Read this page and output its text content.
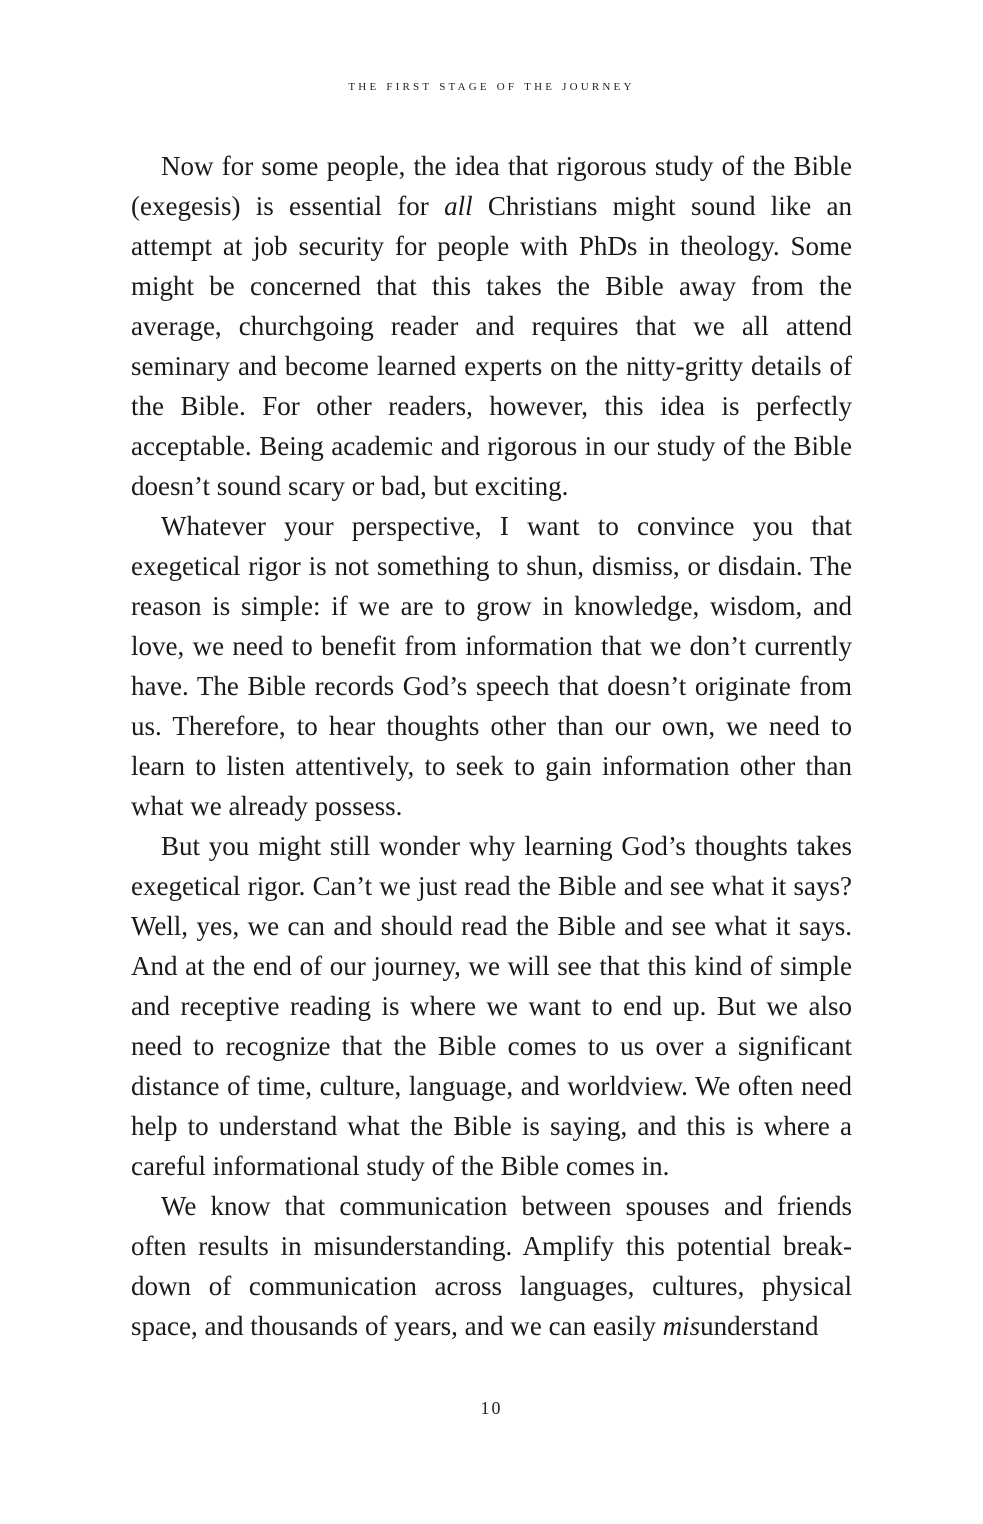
the first stage of the journey

Now for some people, the idea that rigorous study of the Bible (exegesis) is essential for all Christians might sound like an attempt at job security for people with PhDs in theology. Some might be concerned that this takes the Bible away from the average, churchgoing reader and requires that we all attend seminary and become learned experts on the nitty-gritty details of the Bible. For other readers, however, this idea is perfectly acceptable. Being academic and rigorous in our study of the Bible doesn’t sound scary or bad, but exciting.

Whatever your perspective, I want to convince you that exegetical rigor is not something to shun, dismiss, or disdain. The reason is simple: if we are to grow in knowledge, wisdom, and love, we need to benefit from information that we don’t currently have. The Bible records God’s speech that doesn’t originate from us. Therefore, to hear thoughts other than our own, we need to learn to listen attentively, to seek to gain information other than what we already possess.

But you might still wonder why learning God’s thoughts takes exegetical rigor. Can’t we just read the Bible and see what it says? Well, yes, we can and should read the Bible and see what it says. And at the end of our journey, we will see that this kind of simple and receptive reading is where we want to end up. But we also need to recognize that the Bible comes to us over a significant distance of time, culture, language, and worldview. We often need help to understand what the Bible is saying, and this is where a careful informational study of the Bible comes in.

We know that communication between spouses and friends often results in misunderstanding. Amplify this potential breakdown of communication across languages, cultures, physical space, and thousands of years, and we can easily misunderstand

10
